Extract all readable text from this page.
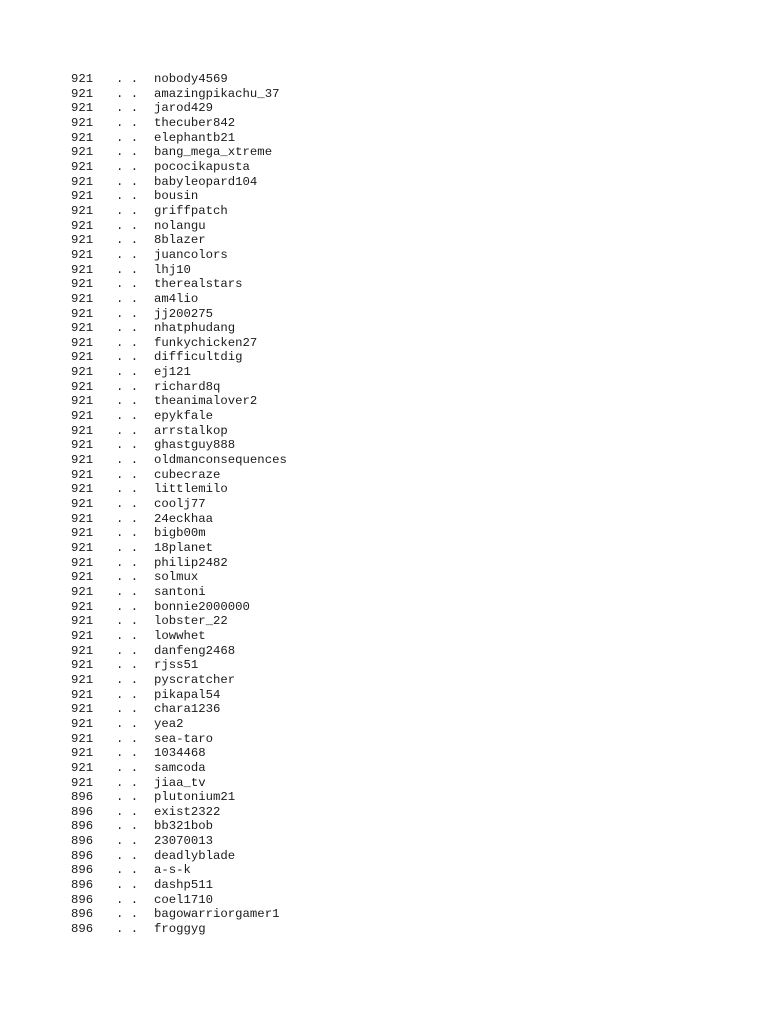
921	. .	nobody4569
921	. .	amazingpikachu_37
921	. .	jarod429
921	. .	thecuber842
921	. .	elephantb21
921	. .	bang_mega_xtreme
921	. .	pococikapusta
921	. .	babyleopard104
921	. .	bousin
921	. .	griffpatch
921	. .	nolangu
921	. .	8blazer
921	. .	juancolors
921	. .	lhj10
921	. .	therealstars
921	. .	am4lio
921	. .	jj200275
921	. .	nhatphudang
921	. .	funkychicken27
921	. .	difficultdig
921	. .	ej121
921	. .	richard8q
921	. .	theanimalover2
921	. .	epykfale
921	. .	arrstalkop
921	. .	ghastguy888
921	. .	oldmanconsequences
921	. .	cubecraze
921	. .	littlemilo
921	. .	coolj77
921	. .	24eckhaa
921	. .	bigb00m
921	. .	18planet
921	. .	philip2482
921	. .	solmux
921	. .	santoni
921	. .	bonnie2000000
921	. .	lobster_22
921	. .	lowwhet
921	. .	danfeng2468
921	. .	rjss51
921	. .	pyscratcher
921	. .	pikapal54
921	. .	chara1236
921	. .	yea2
921	. .	sea-taro
921	. .	1034468
921	. .	samcoda
921	. .	jiaa_tv
896	. .	plutonium21
896	. .	exist2322
896	. .	bb321bob
896	. .	23070013
896	. .	deadlyblade
896	. .	a-s-k
896	. .	dashp511
896	. .	coel1710
896	. .	bagowarriorgamer1
896	. .	froggyg
